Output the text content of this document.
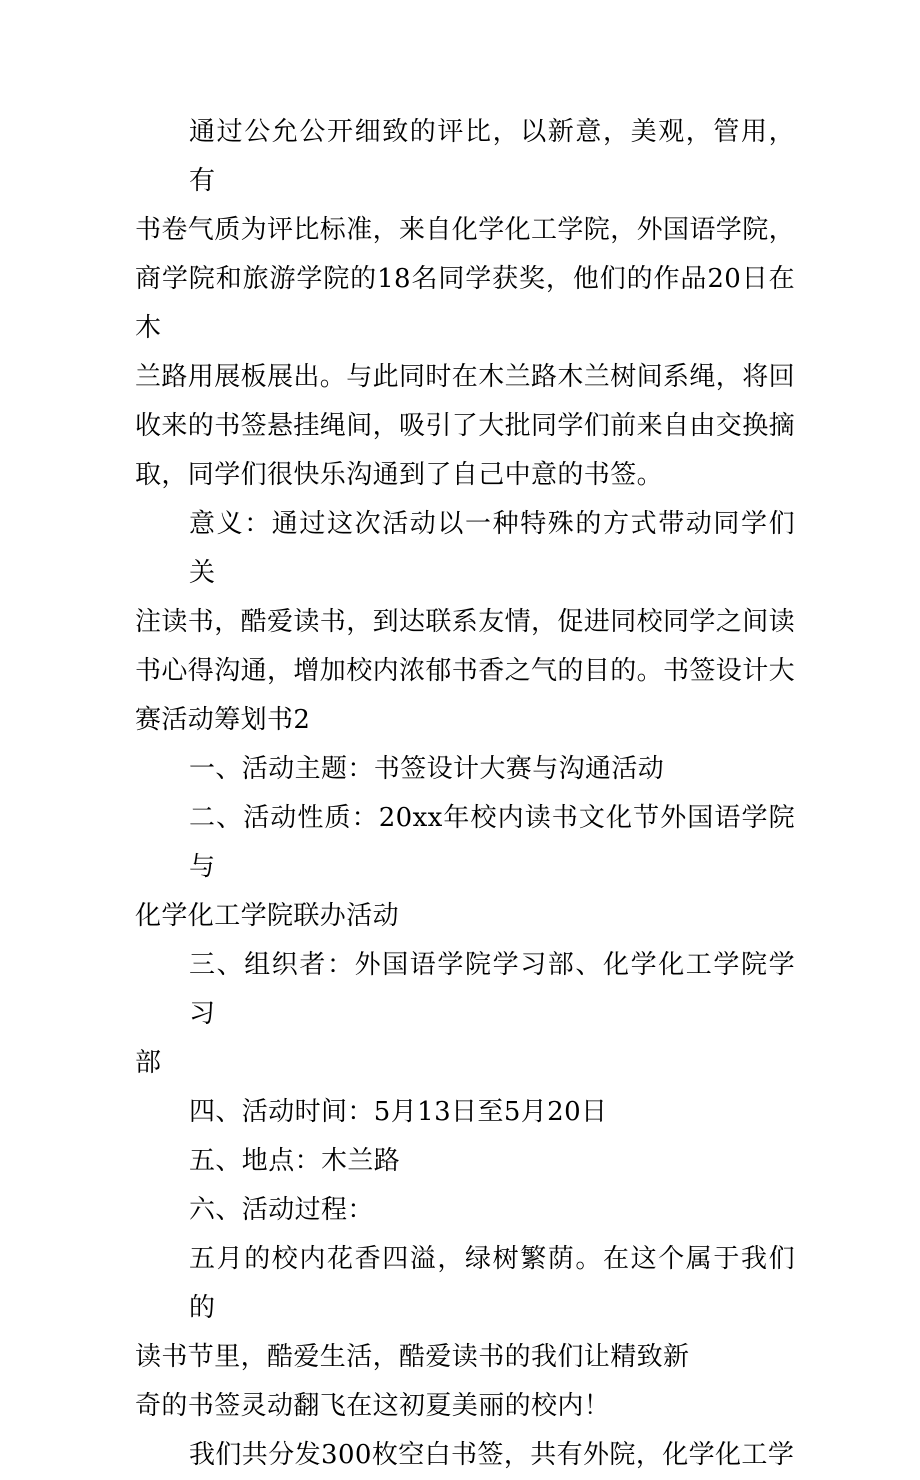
通过公允公开细致的评比，以新意，美观，管用，有
书卷气质为评比标准，来自化学化工学院，外国语学院，
商学院和旅游学院的18名同学获奖，他们的作品20日在木
兰路用展板展出。与此同时在木兰路木兰树间系绳，将回
收来的书签悬挂绳间，吸引了大批同学们前来自由交换摘
取，同学们很快乐沟通到了自己中意的书签。
意义：通过这次活动以一种特殊的方式带动同学们关
注读书，酷爱读书，到达联系友情，促进同校同学之间读
书心得沟通，增加校内浓郁书香之气的目的。书签设计大
赛活动筹划书2
一、活动主题：书签设计大赛与沟通活动
二、活动性质：20xx年校内读书文化节外国语学院与
化学化工学院联办活动
三、组织者：外国语学院学习部、化学化工学院学习
部
四、活动时间：5月13日至5月20日
五、地点：木兰路
六、活动过程：
五月的校内花香四溢，绿树繁荫。在这个属于我们的
读书节里，酷爱生活，酷爱读书的我们让精致新
奇的书签灵动翻飞在这初夏美丽的校内！
我们共分发300枚空白书签，共有外院，化学化工学
